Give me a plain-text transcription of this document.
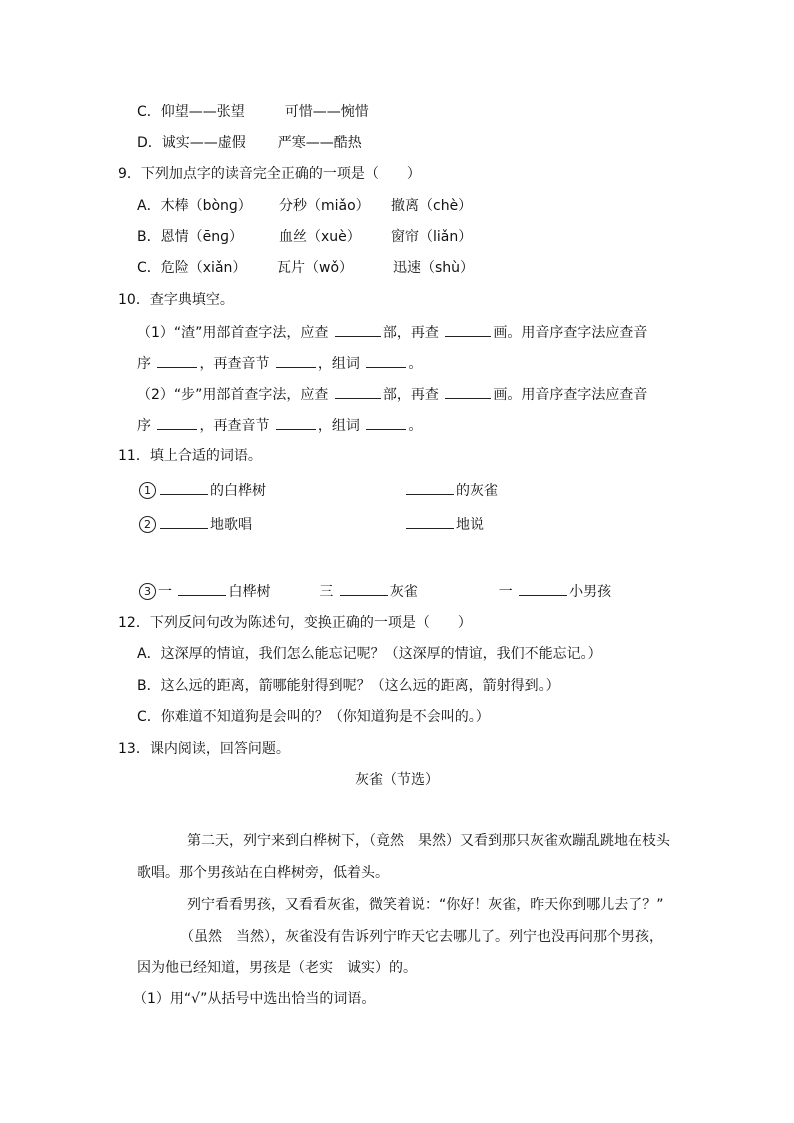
C．仰望——张望	可惜——惋惜
D．诚实——虚假 严寒——酷热
9．下列加点字的读音完全正确的一项是（　　）
A．木棒（bònɡ） 分秒（miǎo） 撤离（chè）
B．恩情（ēnɡ）	血丝（xuè） 窗帘（liǎn）
C．危险（xiǎn） 瓦片（wǒ）	迅速（shù）
10．查字典填空。
（1）“渣”用部首查字法，应查	部，再查	画。用音序查字法应查音
序	，再查音节	，组词	。
（2）“步”用部首查字法，应查	部，再查	画。用音序查字法应查音
序	，再查音节	，组词	。
11．填上合适的词语。
1	的白桦树	的灰雀
2	地歌唱	地说
3 一	白桦树	三	灰雀	一	小男孩
12．下列反问句改为陈述句，变换正确的一项是（　　）
A．这深厚的情谊，我们怎么能忘记呢？（这深厚的情谊，我们不能忘记。）
B．这么远的距离，箭哪能射得到呢？（这么远的距离，箭射得到。）
C．你难道不知道狗是会叫的？（你知道狗是不会叫的。）
13．课内阅读，回答问题。
灰雀（节选）
第二天，列宁来到白桦树下，（竟然　果然）又看到那只灰雀欢蹦乱跳地在枝头
歌唱。那个男孩站在白桦树旁，低着头。
列宁看看男孩，又看看灰雀，微笑着说：“你好！灰雀，昨天你到哪儿去了？”
（虽然　当然），灰雀没有告诉列宁昨天它去哪儿了。列宁也没再问那个男孩，
因为他已经知道，男孩是（老实　诚实）的。
（1）用“√”从括号中选出恰当的词语。
